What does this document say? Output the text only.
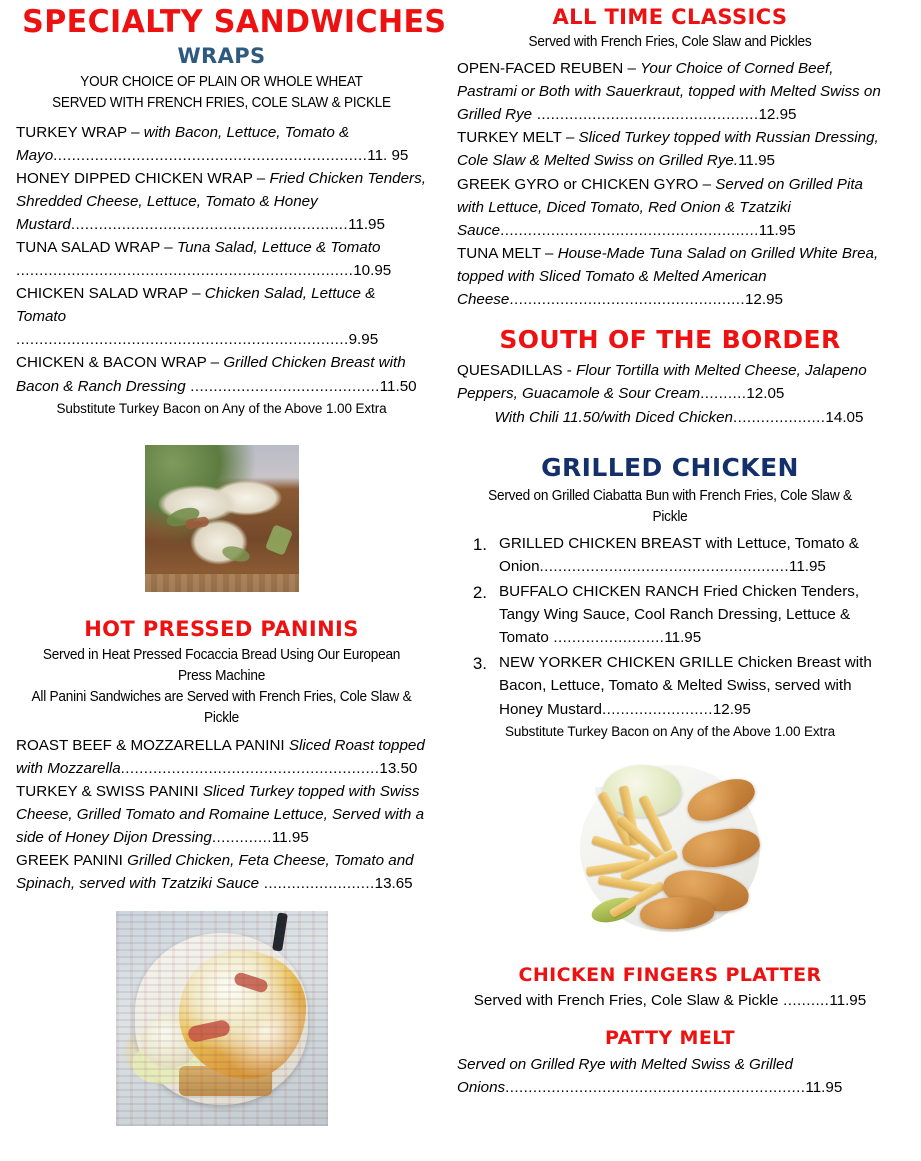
SPECIALTY SANDWICHES
WRAPS
YOUR CHOICE OF PLAIN OR WHOLE WHEAT
SERVED WITH FRENCH FRIES, COLE SLAW & PICKLE

TURKEY WRAP – with Bacon, Lettuce, Tomato & Mayo....................................................................11. 95

HONEY DIPPED CHICKEN WRAP – Fried Chicken Tenders, Shredded Cheese, Lettuce, Tomato & Honey Mustard............................................................11.95

TUNA SALAD WRAP – Tuna Salad, Lettuce & Tomato .........................................................................10.95

CHICKEN SALAD WRAP – Chicken Salad, Lettuce & Tomato ........................................................................9.95

CHICKEN & BACON WRAP – Grilled Chicken Breast with Bacon & Ranch Dressing .........................................11.50

Substitute Turkey Bacon on Any of the Above 1.00 Extra
HOT PRESSED PANINIS
Served in Heat Pressed Focaccia Bread Using Our European Press Machine
All Panini Sandwiches are Served with French Fries, Cole Slaw & Pickle

ROAST BEEF & MOZZARELLA PANINI Sliced Roast topped with Mozzarella........................................................13.50

TURKEY & SWISS PANINI Sliced Turkey topped with Swiss Cheese, Grilled Tomato and Romaine Lettuce, Served with a side of Honey Dijon Dressing.............11.95

GREEK PANINI Grilled Chicken, Feta Cheese, Tomato and Spinach, served with Tzatziki Sauce ........................13.65

ALL TIME CLASSICS
Served with French Fries, Cole Slaw and Pickles

OPEN-FACED REUBEN – Your Choice of Corned Beef, Pastrami or Both with Sauerkraut, topped with Melted Swiss on Grilled Rye ................................................12.95

TURKEY MELT – Sliced Turkey topped with Russian Dressing, Cole Slaw & Melted Swiss on Grilled Rye.11.95

GREEK GYRO or CHICKEN GYRO – Served on Grilled Pita with Lettuce, Diced Tomato, Red Onion & Tzatziki Sauce........................................................11.95

TUNA MELT – House-Made Tuna Salad on Grilled White Brea, topped with Sliced Tomato & Melted American Cheese...................................................12.95

SOUTH OF THE BORDER

QUESADILLAS - Flour Tortilla with Melted Cheese, Jalapeno Peppers, Guacamole & Sour Cream..........12.05

With Chili 11.50/with Diced Chicken....................14.05

GRILLED CHICKEN
Served on Grilled Ciabatta Bun with French Fries, Cole Slaw & Pickle
1. GRILLED CHICKEN BREAST with Lettuce, Tomato & Onion......................................................11.95
2. BUFFALO CHICKEN RANCH Fried Chicken Tenders, Tangy Wing Sauce, Cool Ranch Dressing, Lettuce & Tomato ........................11.95
3. NEW YORKER CHICKEN GRILLE Chicken Breast with Bacon, Lettuce, Tomato & Melted Swiss, served with Honey Mustard........................12.95
Substitute Turkey Bacon on Any of the Above 1.00 Extra
CHICKEN FINGERS PLATTER

Served with French Fries, Cole Slaw & Pickle ..........11.95

PATTY MELT

Served on Grilled Rye with Melted Swiss & Grilled Onions.................................................................11.95
